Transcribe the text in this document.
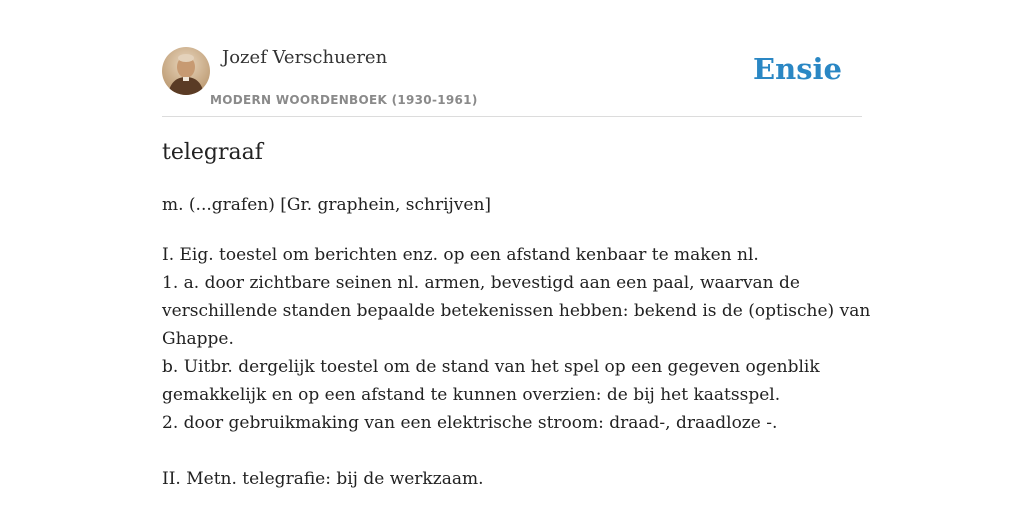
Jozef Verschueren
MODERN WOORDENBOEK (1930-1961)
Ensie
telegraaf
m. (...grafen) [Gr. graphein, schrijven]
I. Eig. toestel om berichten enz. op een afstand kenbaar te maken nl.
1. a. door zichtbare seinen nl. armen, bevestigd aan een paal, waarvan de
verschillende standen bepaalde betekenissen hebben: bekend is de (optische) van
Ghappe.
b. Uitbr. dergelijk toestel om de stand van het spel op een gegeven ogenblik
gemakkelijk en op een afstand te kunnen overzien: de bij het kaatsspel.
2. door gebruikmaking van een elektrische stroom: draad-, draadloze -.
II. Metn. telegrafie: bij de werkzaam.
